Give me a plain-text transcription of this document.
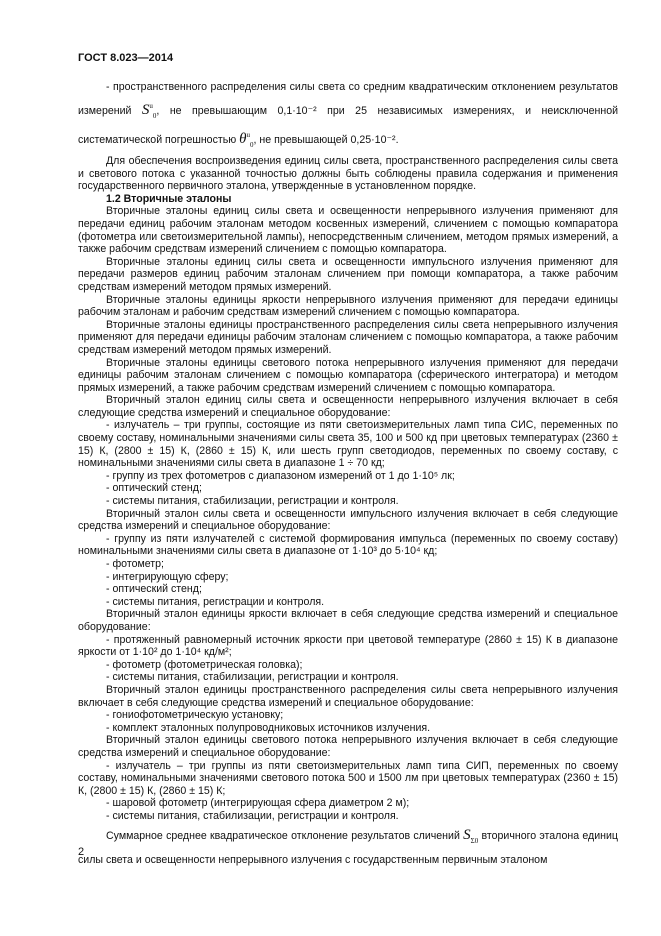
ГОСТ 8.023—2014

- пространственного распределения силы света со средним квадратическим отклонением результатов измерений $S^u_0$, не превышающим 0,1·10⁻² при 25 независимых измерениях, и неисключенной систематической погрешностью $\theta^u_0$, не превышающей 0,25·10⁻².

Для обеспечения воспроизведения единиц силы света, пространственного распределения силы света и светового потока с указанной точностью должны быть соблюдены правила содержания и применения государственного первичного эталона, утвержденные в установленном порядке.

1.2 Вторичные эталоны

Вторичные эталоны единиц силы света и освещенности непрерывного излучения применяют для передачи единиц рабочим эталонам методом косвенных измерений, сличением с помощью компаратора (фотометра или светоизмерительной лампы), непосредственным сличением, методом прямых измерений, а также рабочим средствам измерений сличением с помощью компаратора.

Вторичные эталоны единиц силы света и освещенности импульсного излучения применяют для передачи размеров единиц рабочим эталонам сличением при помощи компаратора, а также рабочим средствам измерений методом прямых измерений.

Вторичные эталоны единицы яркости непрерывного излучения применяют для передачи единицы рабочим эталонам и рабочим средствам измерений сличением с помощью компаратора.

Вторичные эталоны единицы пространственного распределения силы света непрерывного излучения применяют для передачи единицы рабочим эталонам сличением с помощью компаратора, а также рабочим средствам измерений методом прямых измерений.

Вторичные эталоны единицы светового потока непрерывного излучения применяют для передачи единицы рабочим эталонам сличением с помощью компаратора (сферического интегратора) и методом прямых измерений, а также рабочим средствам измерений сличением с помощью компаратора.

Вторичный эталон единиц силы света и освещенности непрерывного излучения включает в себя следующие средства измерений и специальное оборудование:

- излучатель – три группы, состоящие из пяти светоизмерительных ламп типа СИС, переменных по своему составу, номинальными значениями силы света 35, 100 и 500 кд при цветовых температурах (2360 ± 15) К, (2800 ± 15) К, (2860 ± 15) К, или шесть групп светодиодов, переменных по своему составу, с номинальными значениями силы света в диапазоне 1 ÷ 70 кд;

- группу из трех фотометров с диапазоном измерений от 1 до 1·10⁵ лк;

- оптический стенд;

- системы питания, стабилизации, регистрации и контроля.

Вторичный эталон силы света и освещенности импульсного излучения включает в себя следующие средства измерений и специальное оборудование:

- группу из пяти излучателей с системой формирования импульса (переменных по своему составу) номинальными значениями силы света в диапазоне от 1·10³ до 5·10⁴ кд;

- фотометр;

- интегрирующую сферу;

- оптический стенд;

- системы питания, регистрации и контроля.

Вторичный эталон единицы яркости включает в себя следующие средства измерений и специальное оборудование:

- протяженный равномерный источник яркости при цветовой температуре (2860 ± 15) К в диапазоне яркости от 1·10² до 1·10⁴ кд/м²;

- фотометр (фотометрическая головка);

- системы питания, стабилизации, регистрации и контроля.

Вторичный эталон единицы пространственного распределения силы света непрерывного излучения включает в себя следующие средства измерений и специальное оборудование:

- гониофотометрическую установку;

- комплект эталонных полупроводниковых источников излучения.

Вторичный эталон единицы светового потока непрерывного излучения включает в себя следующие средства измерений и специальное оборудование:

- излучатель – три группы из пяти светоизмерительных ламп типа СИП, переменных по своему составу, номинальными значениями светового потока 500 и 1500 лм при цветовых температурах (2360 ± 15) К, (2800 ± 15) К, (2860 ± 15) К;

- шаровой фотометр (интегрирующая сфера диаметром 2 м);

- системы питания, стабилизации, регистрации и контроля.

Суммарное среднее квадратическое отклонение результатов сличений $S_{\Sigma 0}$ вторичного эталона единиц силы света и освещенности непрерывного излучения с государственным первичным эталоном

2
